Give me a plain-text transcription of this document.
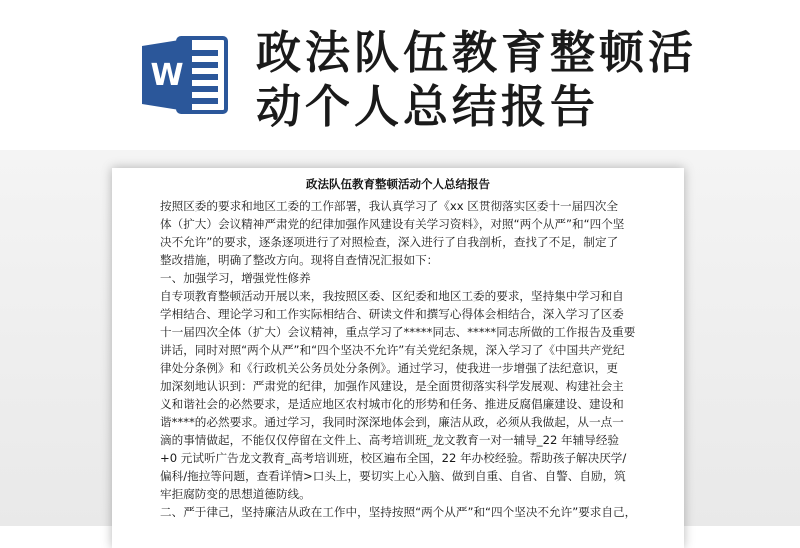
W 政法队伍教育整顿活
动个人总结报告
政法队伍教育整顿活动个人总结报告
按照区委的要求和地区工委的工作部署，我认真学习了《xx 区贯彻落实区委十一届四次全
体（扩大）会议精神严肃党的纪律加强作风建设有关学习资料》，对照“两个从严”和“四个坚
决不允许”的要求，逐条逐项进行了对照检查，深入进行了自我剖析，查找了不足，制定了
整改措施，明确了整改方向。现将自查情况汇报如下：
一、加强学习，增强党性修养
自专项教育整顿活动开展以来，我按照区委、区纪委和地区工委的要求，坚持集中学习和自
学相结合、理论学习和工作实际相结合、研读文件和撰写心得体会相结合，深入学习了区委
十一届四次全体（扩大）会议精神，重点学习了*****同志、*****同志所做的工作报告及重要
讲话，同时对照“两个从严”和“四个坚决不允许”有关党纪条规，深入学习了《中国共产党纪
律处分条例》和《行政机关公务员处分条例》。通过学习，使我进一步增强了法纪意识，更
加深刻地认识到：严肃党的纪律，加强作风建设，是全面贯彻落实科学发展观、构建社会主
义和谐社会的必然要求，是适应地区农村城市化的形势和任务、推进反腐倡廉建设、建设和
谐****的必然要求。通过学习，我同时深深地体会到，廉洁从政，必须从我做起，从一点一
滴的事情做起，不能仅仅停留在文件上、高考培训班_龙文教育一对一辅导_22 年辅导经验
+0 元试听广告龙文教育_高考培训班，校区遍布全国，22 年办校经验。帮助孩子解决厌学/
偏科/拖拉等问题，查看详情>口头上，要切实上心入脑、做到自重、自省、自警、自励，筑
牢拒腐防变的思想道德防线。
二、严于律己，坚持廉洁从政在工作中，坚持按照“两个从严”和“四个坚决不允许”要求自己，
